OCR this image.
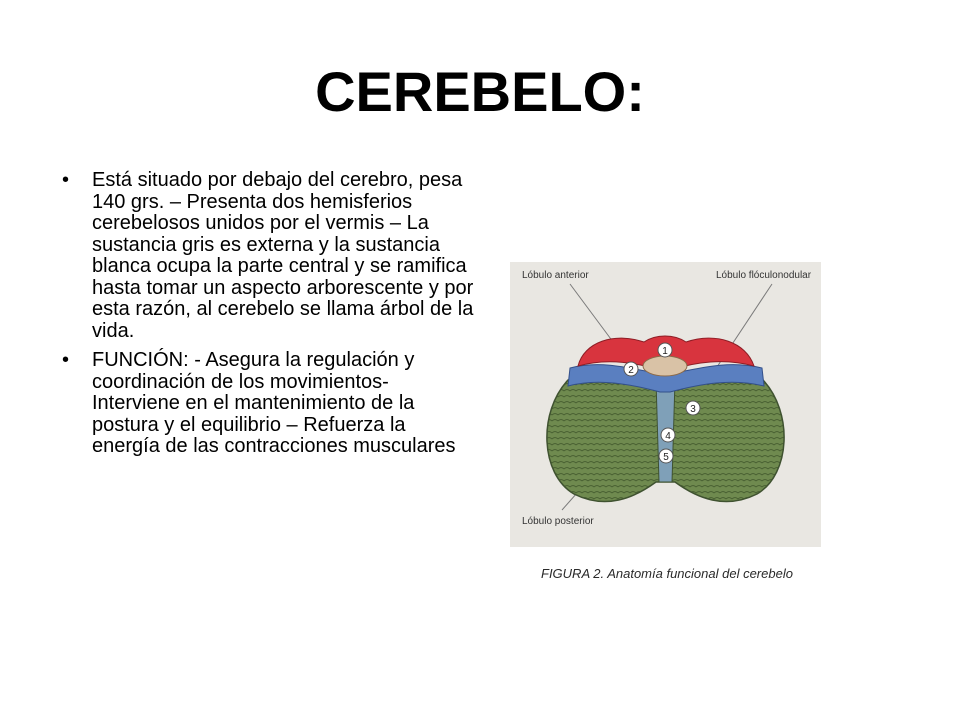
CEREBELO:
• Está situado por debajo del cerebro, pesa 140 grs. – Presenta dos hemisferios cerebelosos unidos por el vermis – La sustancia gris es externa y la sustancia blanca ocupa la parte central y se ramifica hasta tomar un aspecto arborescente y por esta razón, al cerebelo se llama árbol de la vida.
• FUNCIÓN: - Asegura la regulación y coordinación de los movimientos- Interviene en el mantenimiento de la postura y el equilibrio – Refuerza la energía de las contracciones musculares
1
2
3
4
5
Lóbulo anterior	Lóbulo flóculonodular
Lóbulo posterior
FIGURA 2. Anatomía funcional del cerebelo
